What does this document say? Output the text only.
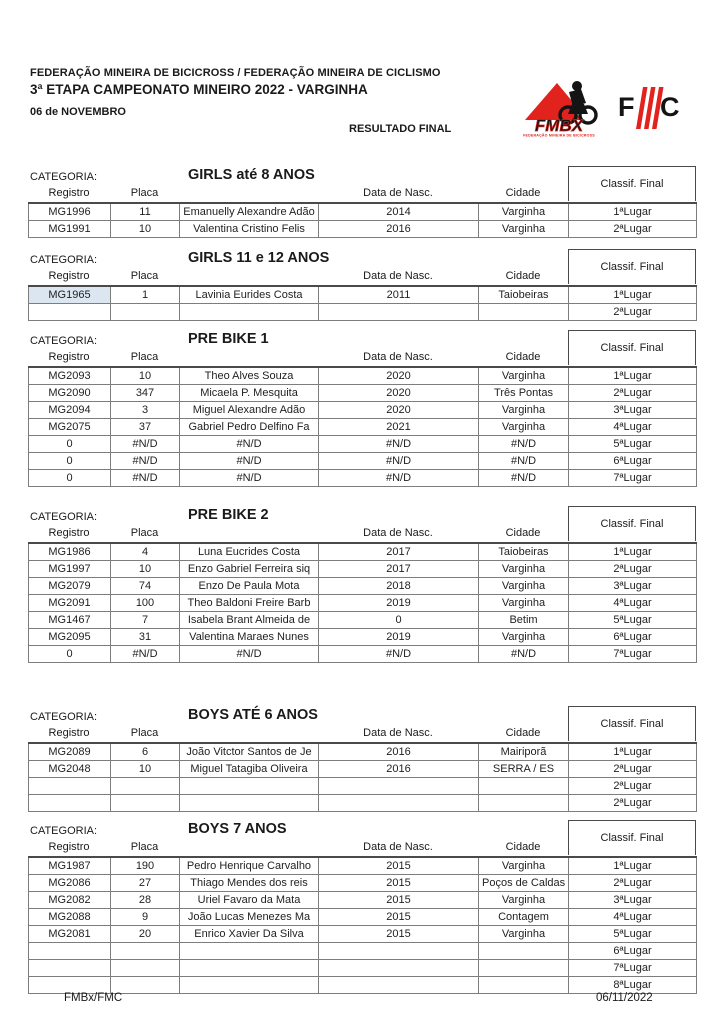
FEDERAÇÃO MINEIRA DE BICICROSS / FEDERAÇÃO MINEIRA DE CICLISMO
3ª ETAPA CAMPEONATO MINEIRO 2022 - VARGINHA
06 de NOVEMBRO
RESULTADO FINAL	FMBX
FEDERAÇÃO MINEIRA DE BICICROSS
F C
CATEGORIA:	GIRLS até 8 ANOS
Classif. Final
Registro	Placa	Data de Nasc.	Cidade
MG1996	11	Emanuelly Alexandre Adão	2014	Varginha	1ªLugar
MG1991	10	Valentina Cristino Felis	2016	Varginha	2ªLugar
CATEGORIA:	GIRLS 11 e 12 ANOS
Classif. Final
Registro	Placa	Data de Nasc.	Cidade
MG1965	1	Lavinia Eurides Costa	2011	Taiobeiras	1ªLugar
					2ªLugar
CATEGORIA:	PRE BIKE 1
Classif. Final
Registro	Placa	Data de Nasc.	Cidade
MG2093	10	Theo Alves Souza	2020	Varginha	1ªLugar
MG2090	347	Micaela P. Mesquita	2020	Três Pontas	2ªLugar
MG2094	3	Miguel Alexandre Adão	2020	Varginha	3ªLugar
MG2075	37	Gabriel Pedro Delfino Fa	2021	Varginha	4ªLugar
0	#N/D	#N/D	#N/D	#N/D	5ªLugar
0	#N/D	#N/D	#N/D	#N/D	6ªLugar
0	#N/D	#N/D	#N/D	#N/D	7ªLugar
CATEGORIA:	PRE BIKE 2
Classif. Final
Registro	Placa	Data de Nasc.	Cidade
MG1986	4	Luna Eucrides Costa	2017	Taiobeiras	1ªLugar
MG1997	10	Enzo Gabriel Ferreira siq	2017	Varginha	2ªLugar
MG2079	74	Enzo De Paula Mota	2018	Varginha	3ªLugar
MG2091	100	Theo Baldoni Freire Barb	2019	Varginha	4ªLugar
MG1467	7	Isabela Brant Almeida de	0	Betim	5ªLugar
MG2095	31	Valentina Maraes Nunes	2019	Varginha	6ªLugar
0	#N/D	#N/D	#N/D	#N/D	7ªLugar
CATEGORIA:	BOYS ATÉ 6 ANOS
Classif. Final
Registro	Placa	Data de Nasc.	Cidade
MG2089	6	João Vitctor Santos de Je	2016	Mairiporã	1ªLugar
MG2048	10	Miguel Tatagiba Oliveira	2016	SERRA / ES	2ªLugar
					2ªLugar
					2ªLugar
CATEGORIA:	BOYS 7 ANOS
Classif. Final
Registro	Placa	Data de Nasc.	Cidade
MG1987	190	Pedro Henrique Carvalho	2015	Varginha	1ªLugar
MG2086	27	Thiago Mendes dos reis	2015	Poços de Caldas	2ªLugar
MG2082	28	Uriel Favaro da Mata	2015	Varginha	3ªLugar
MG2088	9	João Lucas Menezes Ma	2015	Contagem	4ªLugar
MG2081	20	Enrico Xavier Da Silva	2015	Varginha	5ªLugar
					6ªLugar
					7ªLugar
					8ªLugar
FMBx/FMC	06/11/2022
